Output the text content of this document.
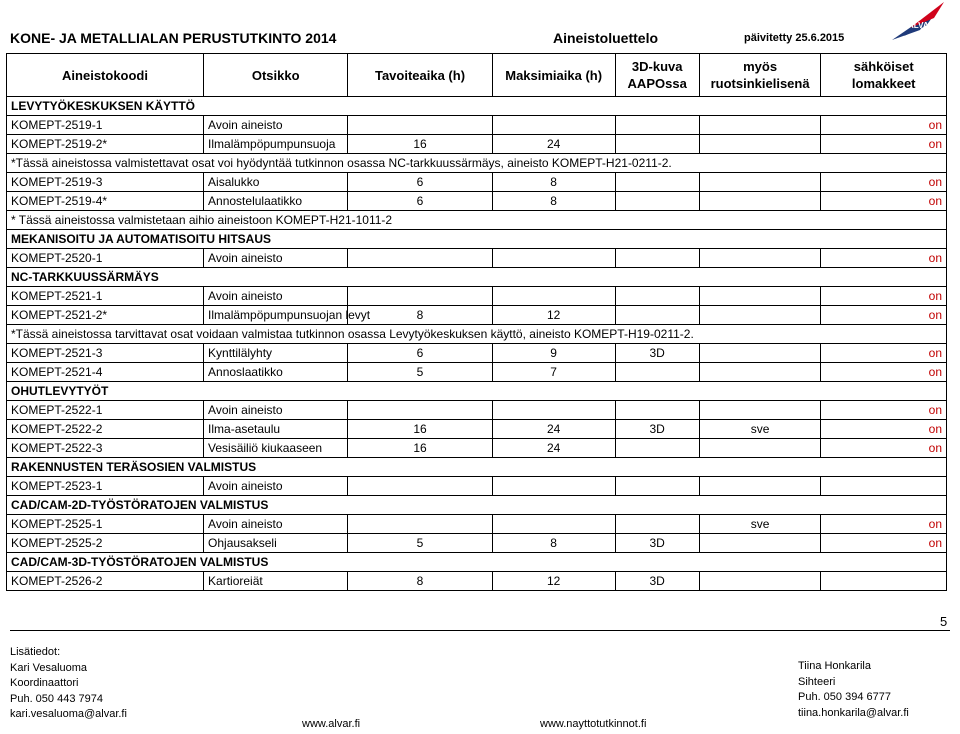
KONE- JA METALLIALAN PERUSTUTKINTO 2014	Aineistoluettelo	päivitetty 25.6.2015
ALVAR
Aineistokoodi	Otsikko	Tavoiteaika (h)	Maksimiaika (h)	3D-kuva AAPOssa	myös ruotsinkielisenä	sähköiset lomakkeet
LEVYTYÖKESKUKSEN KÄYTTÖ						
KOMEPT-2519-1	Avoin aineisto					on
KOMEPT-2519-2*	Ilmalämpöpumpunsuoja	16	24			on
*Tässä aineistossa valmistettavat osat voi hyödyntää tutkinnon osassa NC-tarkkuussärmäys, aineisto KOMEPT-H21-0211-2.						
KOMEPT-2519-3	Aisalukko	6	8			on
KOMEPT-2519-4*	Annostelulaatikko	6	8			on
* Tässä aineistossa valmistetaan aihio aineistoon KOMEPT-H21-1011-2						
MEKANISOITU JA AUTOMATISOITU HITSAUS						
KOMEPT-2520-1	Avoin aineisto					on
NC-TARKKUUSSÄRMÄYS						
KOMEPT-2521-1	Avoin aineisto					on
KOMEPT-2521-2*	Ilmalämpöpumpunsuojan levyt	8	12			on
*Tässä aineistossa tarvittavat osat voidaan valmistaa tutkinnon osassa Levytyökeskuksen käyttö, aineisto KOMEPT-H19-0211-2.						
KOMEPT-2521-3	Kynttilälyhty	6	9	3D		on
KOMEPT-2521-4	Annoslaatikko	5	7			on
OHUTLEVYTYÖT						
KOMEPT-2522-1	Avoin aineisto					on
KOMEPT-2522-2	Ilma-asetaulu	16	24	3D	sve	on
KOMEPT-2522-3	Vesisäiliö kiukaaseen	16	24			on
RAKENNUSTEN TERÄSOSIEN VALMISTUS						
KOMEPT-2523-1	Avoin aineisto					
CAD/CAM-2D-TYÖSTÖRATOJEN VALMISTUS						
KOMEPT-2525-1	Avoin aineisto				sve	on
KOMEPT-2525-2	Ohjausakseli	5	8	3D		on
CAD/CAM-3D-TYÖSTÖRATOJEN VALMISTUS						
KOMEPT-2526-2	Kartioreiät	8	12	3D		
5
Lisätiedot:
Kari Vesaluoma
Koordinaattori
Puh. 050 443 7974
kari.vesaluoma@alvar.fi
Tiina Honkarila
Sihteeri
Puh. 050 394 6777
tiina.honkarila@alvar.fi
www.alvar.fi	www.nayttotutkinnot.fi
